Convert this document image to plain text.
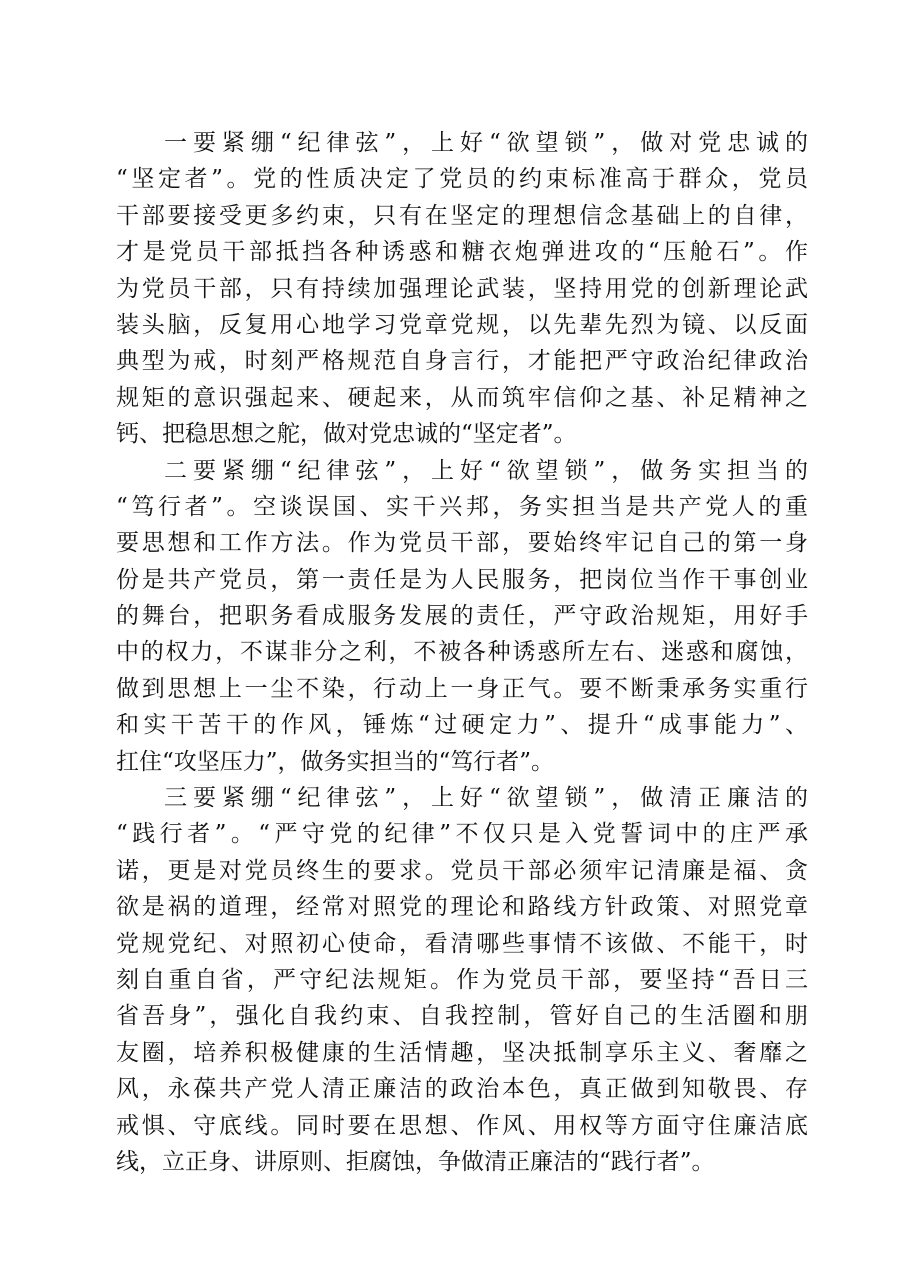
一要紧绷“纪律弦”，上好“欲望锁”，做对党忠诚的
“坚定者”。党的性质决定了党员的约束标准高于群众，党员
干部要接受更多约束，只有在坚定的理想信念基础上的自律，
才是党员干部抵挡各种诱惑和糖衣炮弹进攻的“压舱石”。作
为党员干部，只有持续加强理论武装，坚持用党的创新理论武
装头脑，反复用心地学习党章党规，以先辈先烈为镜、以反面
典型为戒，时刻严格规范自身言行，才能把严守政治纪律政治
规矩的意识强起来、硬起来，从而筑牢信仰之基、补足精神之
钙、把稳思想之舵，做对党忠诚的“坚定者”。
二要紧绷“纪律弦”，上好“欲望锁”，做务实担当的
“笃行者”。空谈误国、实干兴邦，务实担当是共产党人的重
要思想和工作方法。作为党员干部，要始终牢记自己的第一身
份是共产党员，第一责任是为人民服务，把岗位当作干事创业
的舞台，把职务看成服务发展的责任，严守政治规矩，用好手
中的权力，不谋非分之利，不被各种诱惑所左右、迷惑和腐蚀，
做到思想上一尘不染，行动上一身正气。要不断秉承务实重行
和实干苦干的作风，锤炼“过硬定力”、提升“成事能力”、
扛住“攻坚压力”，做务实担当的“笃行者”。
三要紧绷“纪律弦”，上好“欲望锁”，做清正廉洁的
“践行者”。“严守党的纪律”不仅只是入党誓词中的庄严承
诺，更是对党员终生的要求。党员干部必须牢记清廉是福、贪
欲是祸的道理，经常对照党的理论和路线方针政策、对照党章
党规党纪、对照初心使命，看清哪些事情不该做、不能干，时
刻自重自省，严守纪法规矩。作为党员干部，要坚持“吾日三
省吾身”，强化自我约束、自我控制，管好自己的生活圈和朋
友圈，培养积极健康的生活情趣，坚决抵制享乐主义、奢靡之
风，永葆共产党人清正廉洁的政治本色，真正做到知敬畏、存
戒惧、守底线。同时要在思想、作风、用权等方面守住廉洁底
线，立正身、讲原则、拒腐蚀，争做清正廉洁的“践行者”。
